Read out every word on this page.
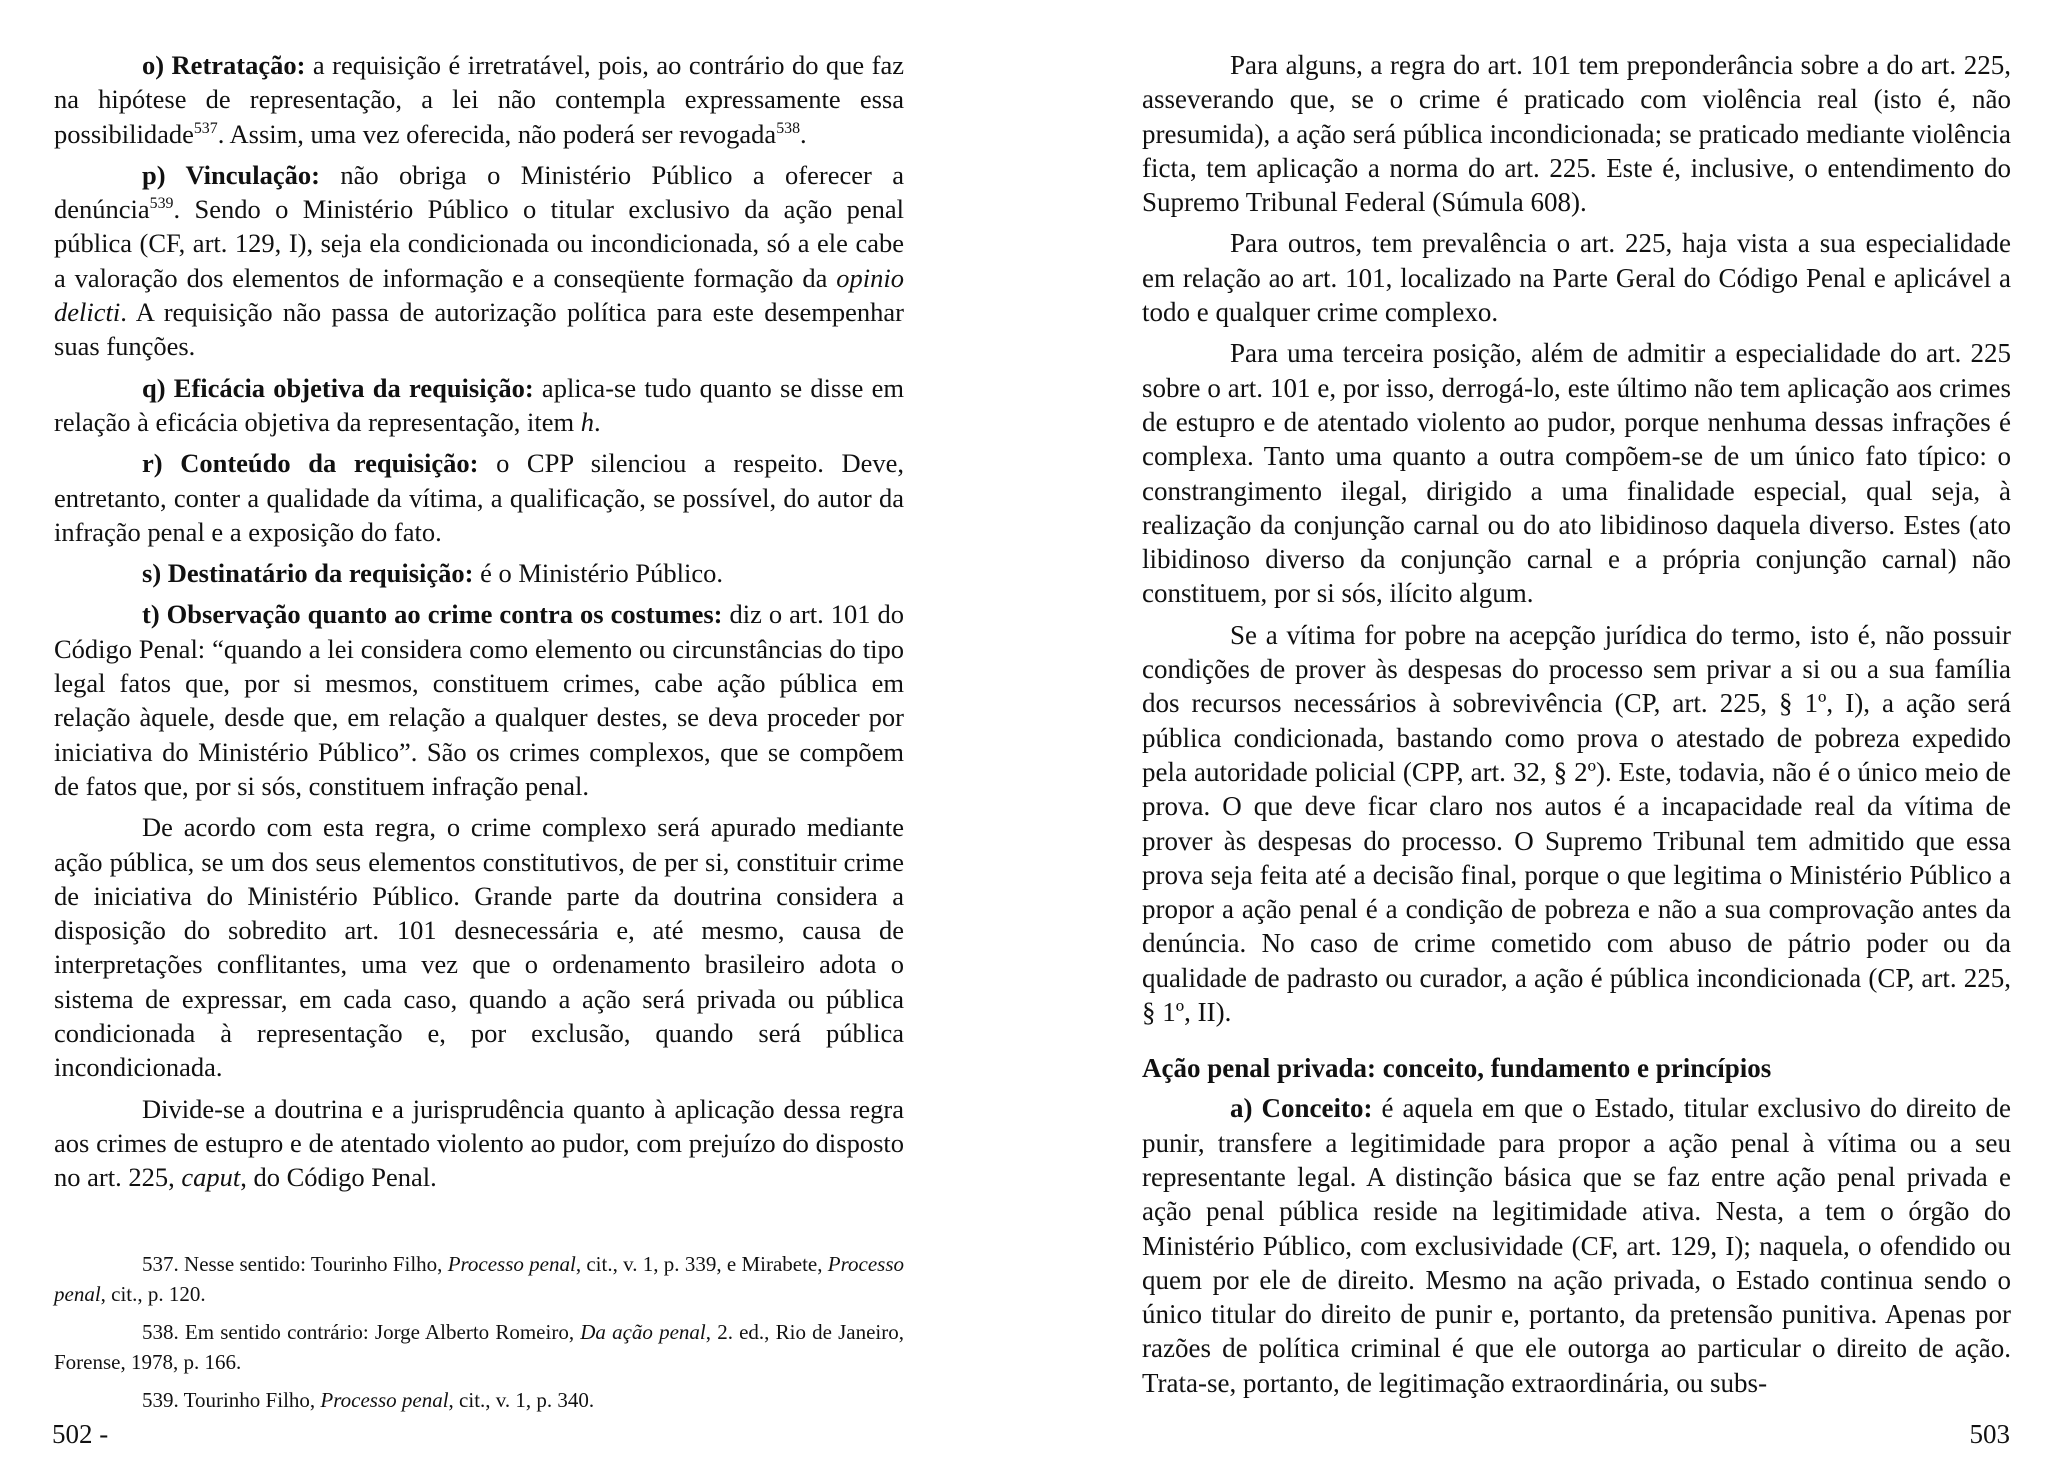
o) Retratação: a requisição é irretratável, pois, ao contrário do que faz na hipótese de representação, a lei não contempla expressamente essa possibilidade$^{537}$. Assim, uma vez oferecida, não poderá ser revogada$^{538}$.

p) Vinculação: não obriga o Ministério Público a oferecer a denúncia$^{539}$. Sendo o Ministério Público o titular exclusivo da ação penal pública (CF, art. 129, I), seja ela condicionada ou incondicionada, só a ele cabe a valoração dos elementos de informação e a conseqüente formação da opinio delicti. A requisição não passa de autorização política para este desempenhar suas funções.

q) Eficácia objetiva da requisição: aplica-se tudo quanto se disse em relação à eficácia objetiva da representação, item h.

r) Conteúdo da requisição: o CPP silenciou a respeito. Deve, entretanto, conter a qualidade da vítima, a qualificação, se possível, do autor da infração penal e a exposição do fato.

s) Destinatário da requisição: é o Ministério Público.

t) Observação quanto ao crime contra os costumes: diz o art. 101 do Código Penal: “quando a lei considera como elemento ou circunstâncias do tipo legal fatos que, por si mesmos, constituem crimes, cabe ação pública em relação àquele, desde que, em relação a qualquer destes, se deva proceder por iniciativa do Ministério Público”. São os crimes complexos, que se compõem de fatos que, por si sós, constituem infração penal.

De acordo com esta regra, o crime complexo será apurado mediante ação pública, se um dos seus elementos constitutivos, de per si, constituir crime de iniciativa do Ministério Público. Grande parte da doutrina considera a disposição do sobredito art. 101 desnecessária e, até mesmo, causa de interpretações conflitantes, uma vez que o ordenamento brasileiro adota o sistema de expressar, em cada caso, quando a ação será privada ou pública condicionada à representação e, por exclusão, quando será pública incondicionada.

Divide-se a doutrina e a jurisprudência quanto à aplicação dessa regra aos crimes de estupro e de atentado violento ao pudor, com prejuízo do disposto no art. 225, caput, do Código Penal.

537. Nesse sentido: Tourinho Filho, Processo penal, cit., v. 1, p. 339, e Mirabete, Processo penal, cit., p. 120.

538. Em sentido contrário: Jorge Alberto Romeiro, Da ação penal, 2. ed., Rio de Janeiro, Forense, 1978, p. 166.

539. Tourinho Filho, Processo penal, cit., v. 1, p. 340.

502 -

Para alguns, a regra do art. 101 tem preponderância sobre a do art. 225, asseverando que, se o crime é praticado com violência real (isto é, não presumida), a ação será pública incondicionada; se praticado mediante violência ficta, tem aplicação a norma do art. 225. Este é, inclusive, o entendimento do Supremo Tribunal Federal (Súmula 608).

Para outros, tem prevalência o art. 225, haja vista a sua especialidade em relação ao art. 101, localizado na Parte Geral do Código Penal e aplicável a todo e qualquer crime complexo.

Para uma terceira posição, além de admitir a especialidade do art. 225 sobre o art. 101 e, por isso, derrogá-lo, este último não tem aplicação aos crimes de estupro e de atentado violento ao pudor, porque nenhuma dessas infrações é complexa. Tanto uma quanto a outra compõem-se de um único fato típico: o constrangimento ilegal, dirigido a uma finalidade especial, qual seja, à realização da conjunção carnal ou do ato libidinoso daquela diverso. Estes (ato libidinoso diverso da conjunção carnal e a própria conjunção carnal) não constituem, por si sós, ilícito algum.

Se a vítima for pobre na acepção jurídica do termo, isto é, não possuir condições de prover às despesas do processo sem privar a si ou a sua família dos recursos necessários à sobrevivência (CP, art. 225, § 1º, I), a ação será pública condicionada, bastando como prova o atestado de pobreza expedido pela autoridade policial (CPP, art. 32, § 2º). Este, todavia, não é o único meio de prova. O que deve ficar claro nos autos é a incapacidade real da vítima de prover às despesas do processo. O Supremo Tribunal tem admitido que essa prova seja feita até a decisão final, porque o que legitima o Ministério Público a propor a ação penal é a condição de pobreza e não a sua comprovação antes da denúncia. No caso de crime cometido com abuso de pátrio poder ou da qualidade de padrasto ou curador, a ação é pública incondicionada (CP, art. 225, § 1º, II).

Ação penal privada: conceito, fundamento e princípios

a) Conceito: é aquela em que o Estado, titular exclusivo do direito de punir, transfere a legitimidade para propor a ação penal à vítima ou a seu representante legal. A distinção básica que se faz entre ação penal privada e ação penal pública reside na legitimidade ativa. Nesta, a tem o órgão do Ministério Público, com exclusividade (CF, art. 129, I); naquela, o ofendido ou quem por ele de direito. Mesmo na ação privada, o Estado continua sendo o único titular do direito de punir e, portanto, da pretensão punitiva. Apenas por razões de política criminal é que ele outorga ao particular o direito de ação. Trata-se, portanto, de legitimação extraordinária, ou subs-

503
